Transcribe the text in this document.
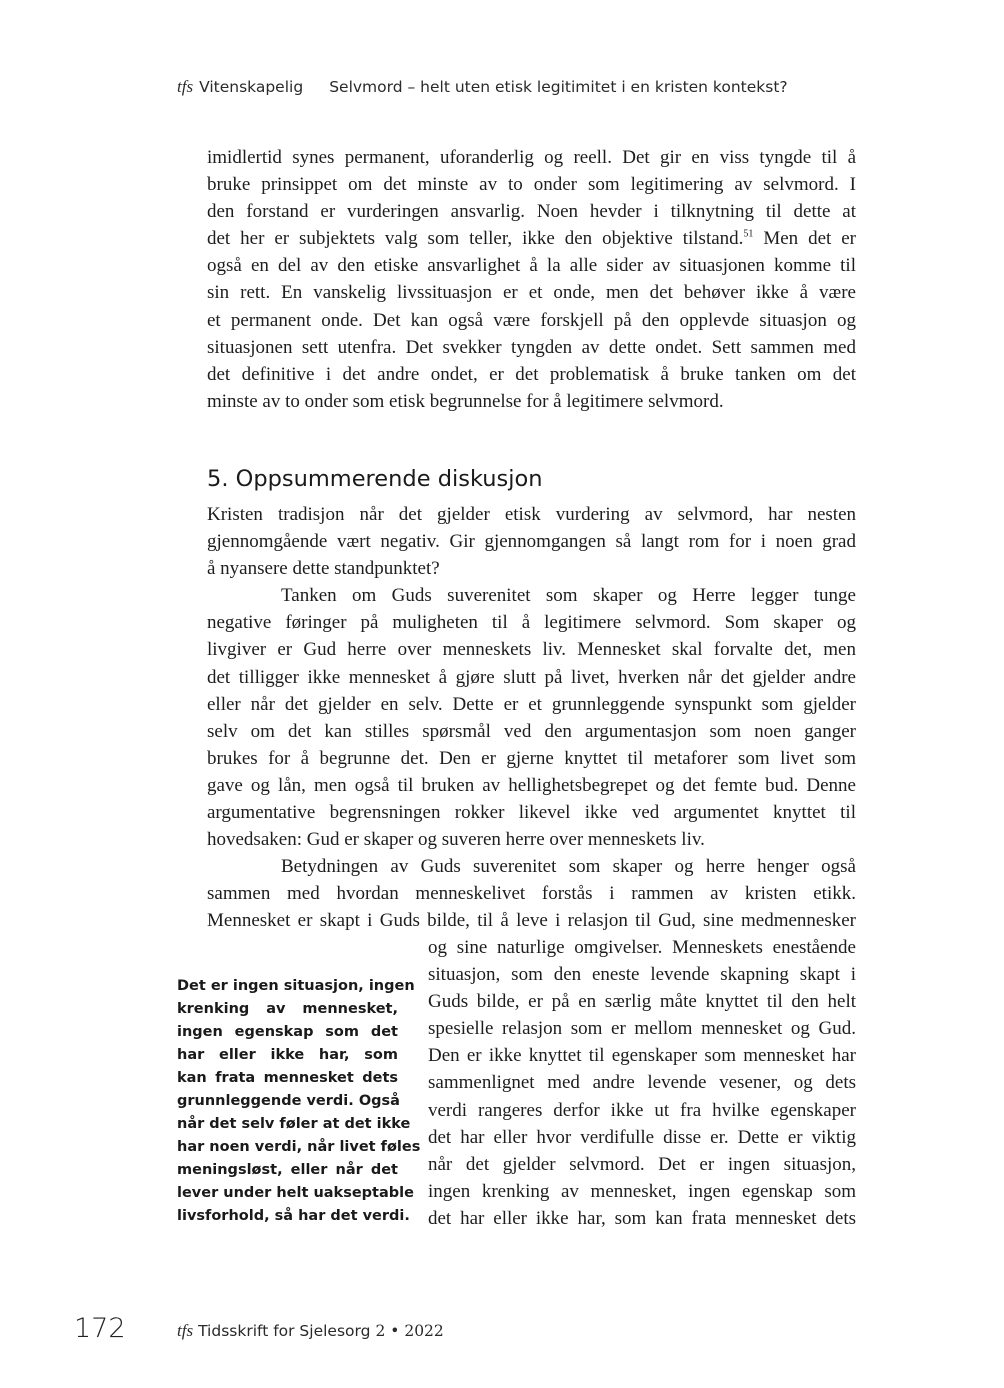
tfs Vitenskapelig Selvmord – helt uten etisk legitimitet i en kristen kontekst?
imidlertid synes permanent, uforanderlig og reell. Det gir en viss tyngde til å
bruke prinsippet om det minste av to onder som legitimering av selvmord. I
den forstand er vurderingen ansvarlig. Noen hevder i tilknytning til dette at
det her er subjektets valg som teller, ikke den objektive tilstand.$^{51}$ Men det er
også en del av den etiske ansvarlighet å la alle sider av situasjonen komme til
sin rett. En vanskelig livssituasjon er et onde, men det behøver ikke å være
et permanent onde. Det kan også være forskjell på den opplevde situasjon og
situasjonen sett utenfra. Det svekker tyngden av dette ondet. Sett sammen med
det definitive i det andre ondet, er det problematisk å bruke tanken om det
minste av to onder som etisk begrunnelse for å legitimere selvmord.
5. Oppsummerende diskusjon
Kristen tradisjon når det gjelder etisk vurdering av selvmord, har nesten
gjennomgående vært negativ. Gir gjennomgangen så langt rom for i noen grad
å nyansere dette standpunktet?
Tanken om Guds suverenitet som skaper og Herre legger tunge
negative føringer på muligheten til å legitimere selvmord. Som skaper og
livgiver er Gud herre over menneskets liv. Mennesket skal forvalte det, men
det tilligger ikke mennesket å gjøre slutt på livet, hverken når det gjelder andre
eller når det gjelder en selv. Dette er et grunnleggende synspunkt som gjelder
selv om det kan stilles spørsmål ved den argumentasjon som noen ganger
brukes for å begrunne det. Den er gjerne knyttet til metaforer som livet som
gave og lån, men også til bruken av hellighetsbegrepet og det femte bud. Denne
argumentative begrensningen rokker likevel ikke ved argumentet knyttet til
hovedsaken: Gud er skaper og suveren herre over menneskets liv.
Betydningen av Guds suverenitet som skaper og herre henger også
sammen med hvordan menneskelivet forstås i rammen av kristen etikk.
Mennesket er skapt i Guds bilde, til å leve i relasjon til Gud, sine medmennesker
og sine naturlige omgivelser. Menneskets enestående
situasjon, som den eneste levende skapning skapt i
Guds bilde, er på en særlig måte knyttet til den helt
spesielle relasjon som er mellom mennesket og Gud.
Den er ikke knyttet til egenskaper som mennesket har
sammenlignet med andre levende vesener, og dets
verdi rangeres derfor ikke ut fra hvilke egenskaper
det har eller hvor verdifulle disse er. Dette er viktig
når det gjelder selvmord. Det er ingen situasjon,
ingen krenking av mennesket, ingen egenskap som
det har eller ikke har, som kan frata mennesket dets
Det er ingen situasjon, ingen
krenking av mennesket,
ingen egenskap som det
har eller ikke har, som
kan frata mennesket dets
grunnleggende verdi. Også
når det selv føler at det ikke
har noen verdi, når livet føles
meningsløst, eller når det
lever under helt uakseptable
livsforhold, så har det verdi.
172	tfs Tidsskrift for Sjelesorg 2 • 2022
